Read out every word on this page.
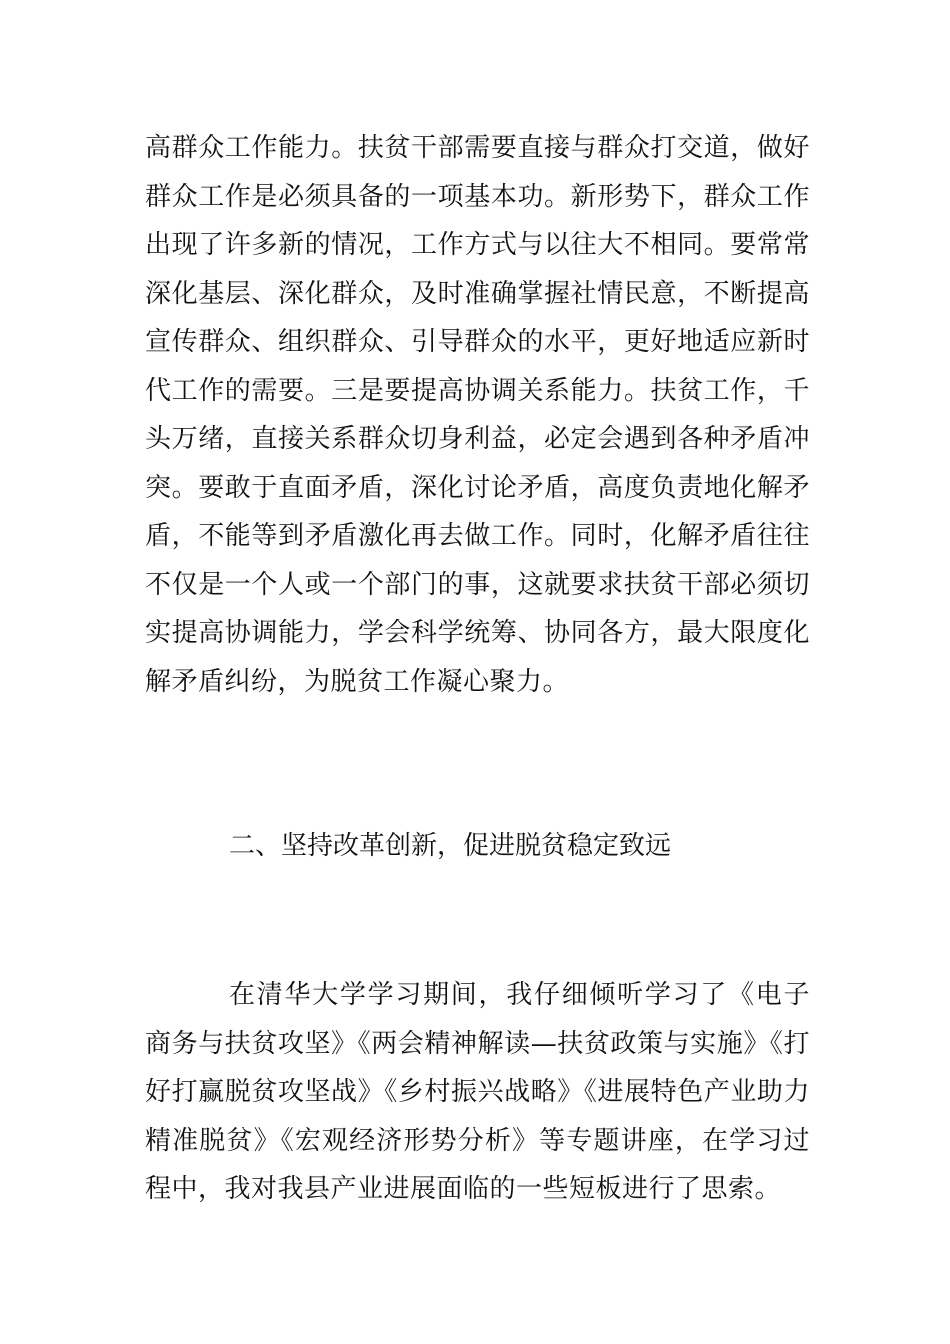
高群众工作能力。扶贫干部需要直接与群众打交道，做好群众工作是必须具备的一项基本功。新形势下，群众工作出现了许多新的情况，工作方式与以往大不相同。要常常深化基层、深化群众，及时准确掌握社情民意，不断提高宣传群众、组织群众、引导群众的水平，更好地适应新时代工作的需要。三是要提高协调关系能力。扶贫工作，千头万绪，直接关系群众切身利益，必定会遇到各种矛盾冲突。要敢于直面矛盾，深化讨论矛盾，高度负责地化解矛盾，不能等到矛盾激化再去做工作。同时，化解矛盾往往不仅是一个人或一个部门的事，这就要求扶贫干部必须切实提高协调能力，学会科学统筹、协同各方，最大限度化解矛盾纠纷，为脱贫工作凝心聚力。

二、坚持改革创新，促进脱贫稳定致远

在清华大学学习期间，我仔细倾听学习了《电子商务与扶贫攻坚》《两会精神解读—扶贫政策与实施》《打好打赢脱贫攻坚战》《乡村振兴战略》《进展特色产业助力精准脱贫》《宏观经济形势分析》等专题讲座，在学习过程中，我对我县产业进展面临的一些短板进行了思索。
